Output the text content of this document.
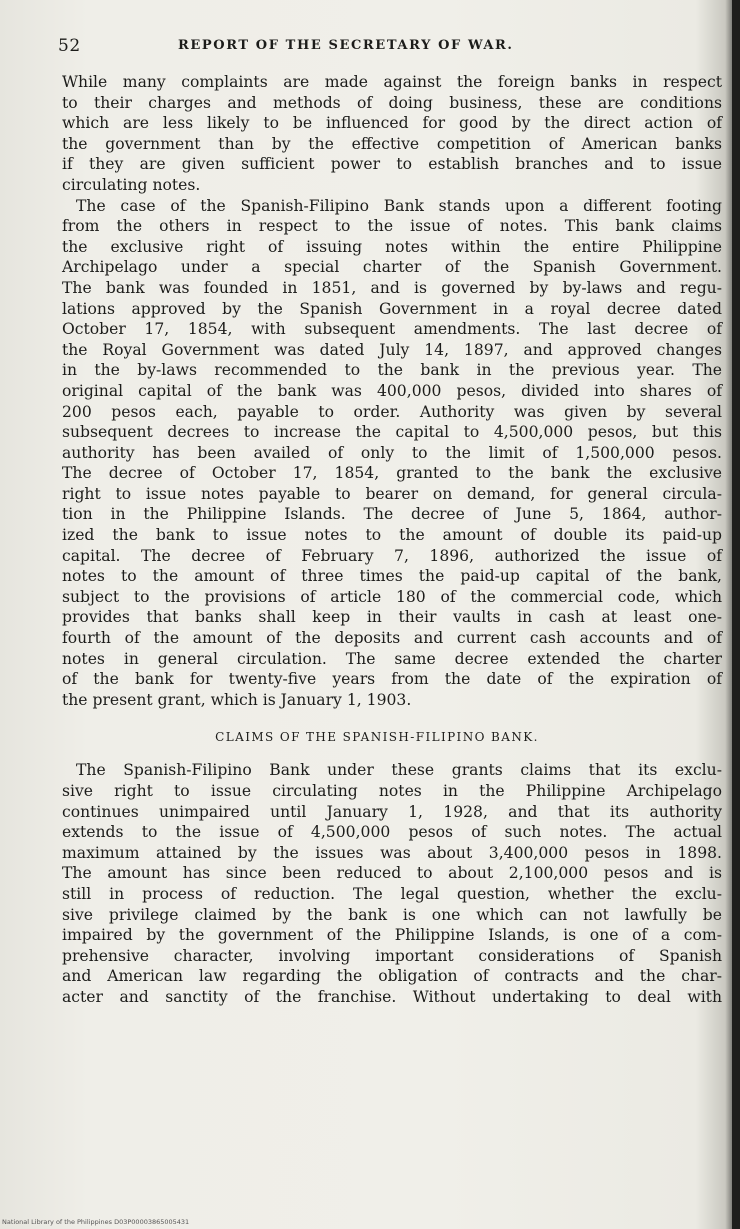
52	REPORT OF THE SECRETARY OF WAR.
While many complaints are made against the foreign banks in respect
to their charges and methods of doing business, these are conditions
which are less likely to be influenced for good by the direct action of
the government than by the effective competition of American banks
if they are given sufficient power to establish branches and to issue
circulating notes.
The case of the Spanish-Filipino Bank stands upon a different footing
from the others in respect to the issue of notes. This bank claims
the exclusive right of issuing notes within the entire Philippine
Archipelago under a special charter of the Spanish Government.
The bank was founded in 1851, and is governed by by-laws and regu-
lations approved by the Spanish Government in a royal decree dated
October 17, 1854, with subsequent amendments. The last decree of
the Royal Government was dated July 14, 1897, and approved changes
in the by-laws recommended to the bank in the previous year. The
original capital of the bank was 400,000 pesos, divided into shares of
200 pesos each, payable to order. Authority was given by several
subsequent decrees to increase the capital to 4,500,000 pesos, but this
authority has been availed of only to the limit of 1,500,000 pesos.
The decree of October 17, 1854, granted to the bank the exclusive
right to issue notes payable to bearer on demand, for general circula-
tion in the Philippine Islands. The decree of June 5, 1864, author-
ized the bank to issue notes to the amount of double its paid-up
capital. The decree of February 7, 1896, authorized the issue of
notes to the amount of three times the paid-up capital of the bank,
subject to the provisions of article 180 of the commercial code, which
provides that banks shall keep in their vaults in cash at least one-
fourth of the amount of the deposits and current cash accounts and of
notes in general circulation. The same decree extended the charter
of the bank for twenty-five years from the date of the expiration of
the present grant, which is January 1, 1903.
CLAIMS OF THE SPANISH-FILIPINO BANK.
The Spanish-Filipino Bank under these grants claims that its exclu-
sive right to issue circulating notes in the Philippine Archipelago
continues unimpaired until January 1, 1928, and that its authority
extends to the issue of 4,500,000 pesos of such notes. The actual
maximum attained by the issues was about 3,400,000 pesos in 1898.
The amount has since been reduced to about 2,100,000 pesos and is
still in process of reduction. The legal question, whether the exclu-
sive privilege claimed by the bank is one which can not lawfully be
impaired by the government of the Philippine Islands, is one of a com-
prehensive character, involving important considerations of Spanish
and American law regarding the obligation of contracts and the char-
acter and sanctity of the franchise. Without undertaking to deal with
National Library of the Philippines D03P00003865005431
